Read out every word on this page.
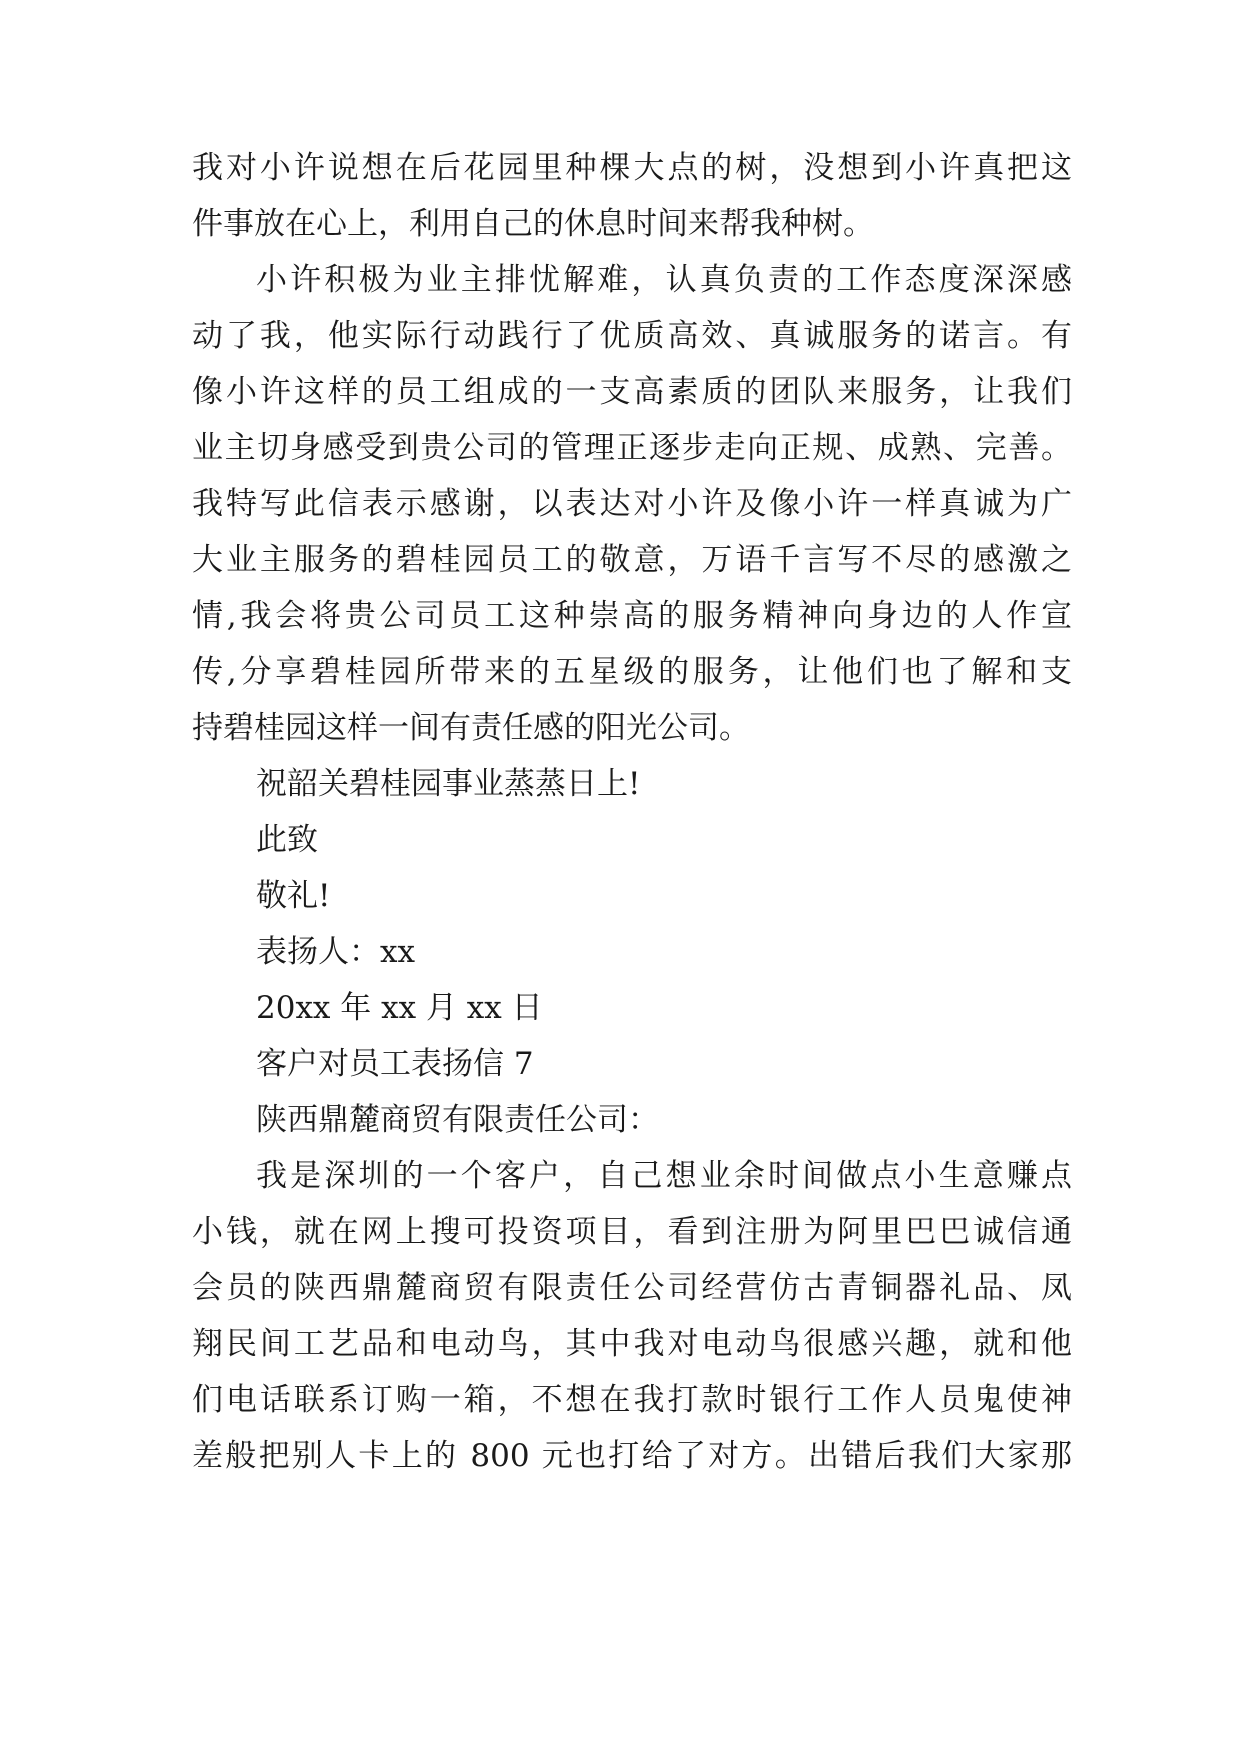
我对小许说想在后花园里种棵大点的树，没想到小许真把这
件事放在心上，利用自己的休息时间来帮我种树。
小许积极为业主排忧解难，认真负责的工作态度深深感
动了我，他实际行动践行了优质高效、真诚服务的诺言。有
像小许这样的员工组成的一支高素质的团队来服务，让我们
业主切身感受到贵公司的管理正逐步走向正规、成熟、完善。
我特写此信表示感谢，以表达对小许及像小许一样真诚为广
大业主服务的碧桂园员工的敬意，万语千言写不尽的感激之
情,我会将贵公司员工这种崇高的服务精神向身边的人作宣
传,分享碧桂园所带来的五星级的服务，让他们也了解和支
持碧桂园这样一间有责任感的阳光公司。
祝韶关碧桂园事业蒸蒸日上!
此致
敬礼!
表扬人：xx
20xx 年 xx 月 xx 日
客户对员工表扬信 7
陕西鼎麓商贸有限责任公司：
我是深圳的一个客户，自己想业余时间做点小生意赚点
小钱，就在网上搜可投资项目，看到注册为阿里巴巴诚信通
会员的陕西鼎麓商贸有限责任公司经营仿古青铜器礼品、凤
翔民间工艺品和电动鸟，其中我对电动鸟很感兴趣，就和他
们电话联系订购一箱，不想在我打款时银行工作人员鬼使神
差般把别人卡上的 800 元也打给了对方。出错后我们大家那
